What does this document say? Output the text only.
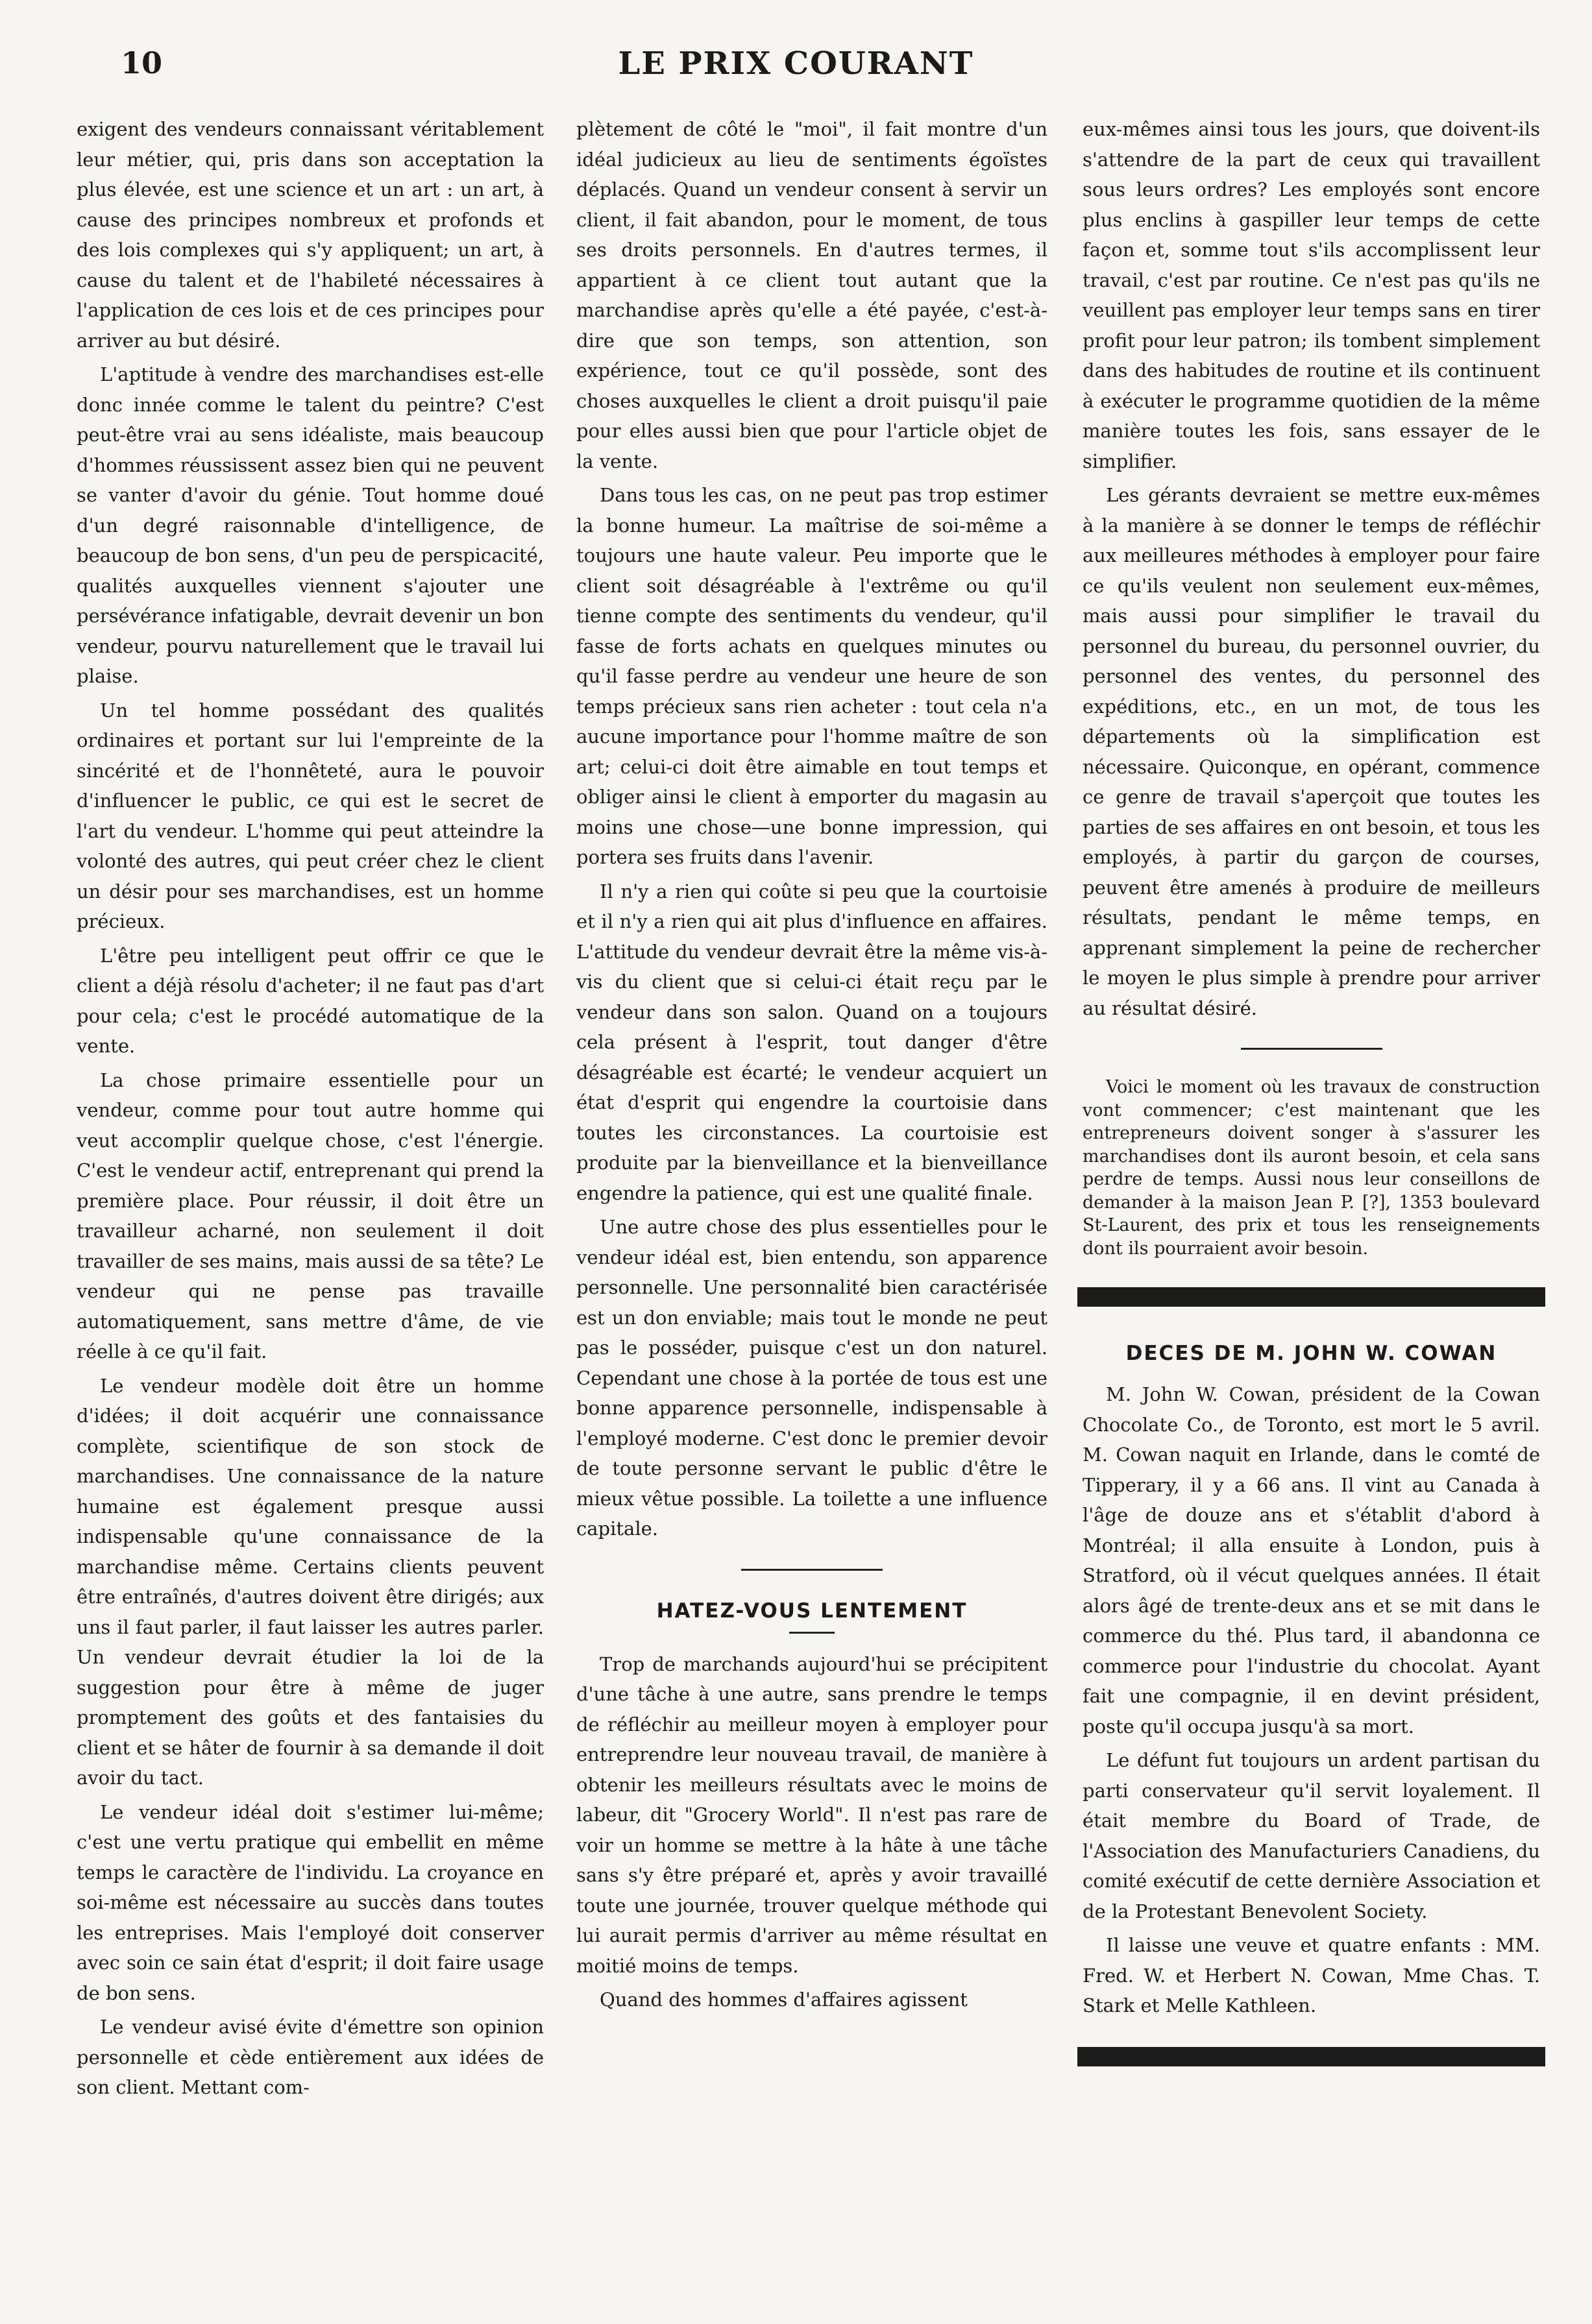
10	LE PRIX COURANT

exigent des vendeurs connaissant véritablement leur métier, qui, pris dans son acceptation la plus élevée, est une science et un art : un art, à cause des principes nombreux et profonds et des lois complexes qui s'y appliquent; un art, à cause du talent et de l'habileté nécessaires à l'application de ces lois et de ces principes pour arriver au but désiré.

L'aptitude à vendre des marchandises est-elle donc innée comme le talent du peintre? C'est peut-être vrai au sens idéaliste, mais beaucoup d'hommes réussissent assez bien qui ne peuvent se vanter d'avoir du génie. Tout homme doué d'un degré raisonnable d'intelligence, de beaucoup de bon sens, d'un peu de perspicacité, qualités auxquelles viennent s'ajouter une persévérance infatigable, devrait devenir un bon vendeur, pourvu naturellement que le travail lui plaise.

Un tel homme possédant des qualités ordinaires et portant sur lui l'empreinte de la sincérité et de l'honnêteté, aura le pouvoir d'influencer le public, ce qui est le secret de l'art du vendeur. L'homme qui peut atteindre la volonté des autres, qui peut créer chez le client un désir pour ses marchandises, est un homme précieux.

L'être peu intelligent peut offrir ce que le client a déjà résolu d'acheter; il ne faut pas d'art pour cela; c'est le procédé automatique de la vente.

La chose primaire essentielle pour un vendeur, comme pour tout autre homme qui veut accomplir quelque chose, c'est l'énergie. C'est le vendeur actif, entreprenant qui prend la première place. Pour réussir, il doit être un travailleur acharné, non seulement il doit travailler de ses mains, mais aussi de sa tête? Le vendeur qui ne pense pas travaille automatiquement, sans mettre d'âme, de vie réelle à ce qu'il fait.

Le vendeur modèle doit être un homme d'idées; il doit acquérir une connaissance complète, scientifique de son stock de marchandises. Une connaissance de la nature humaine est également presque aussi indispensable qu'une connaissance de la marchandise même. Certains clients peuvent être entraînés, d'autres doivent être dirigés; aux uns il faut parler, il faut laisser les autres parler. Un vendeur devrait étudier la loi de la suggestion pour être à même de juger promptement des goûts et des fantaisies du client et se hâter de fournir à sa demande il doit avoir du tact.

Le vendeur idéal doit s'estimer lui-même; c'est une vertu pratique qui embellit en même temps le caractère de l'individu. La croyance en soi-même est nécessaire au succès dans toutes les entreprises. Mais l'employé doit conserver avec soin ce sain état d'esprit; il doit faire usage de bon sens.

Le vendeur avisé évite d'émettre son opinion personnelle et cède entièrement aux idées de son client. Mettant com-

plètement de côté le "moi", il fait montre d'un idéal judicieux au lieu de sentiments égoïstes déplacés. Quand un vendeur consent à servir un client, il fait abandon, pour le moment, de tous ses droits personnels. En d'autres termes, il appartient à ce client tout autant que la marchandise après qu'elle a été payée, c'est-à-dire que son temps, son attention, son expérience, tout ce qu'il possède, sont des choses auxquelles le client a droit puisqu'il paie pour elles aussi bien que pour l'article objet de la vente.

Dans tous les cas, on ne peut pas trop estimer la bonne humeur. La maîtrise de soi-même a toujours une haute valeur. Peu importe que le client soit désagréable à l'extrême ou qu'il tienne compte des sentiments du vendeur, qu'il fasse de forts achats en quelques minutes ou qu'il fasse perdre au vendeur une heure de son temps précieux sans rien acheter : tout cela n'a aucune importance pour l'homme maître de son art; celui-ci doit être aimable en tout temps et obliger ainsi le client à emporter du magasin au moins une chose—une bonne impression, qui portera ses fruits dans l'avenir.

Il n'y a rien qui coûte si peu que la courtoisie et il n'y a rien qui ait plus d'influence en affaires. L'attitude du vendeur devrait être la même vis-à-vis du client que si celui-ci était reçu par le vendeur dans son salon. Quand on a toujours cela présent à l'esprit, tout danger d'être désagréable est écarté; le vendeur acquiert un état d'esprit qui engendre la courtoisie dans toutes les circonstances. La courtoisie est produite par la bienveillance et la bienveillance engendre la patience, qui est une qualité finale.

Une autre chose des plus essentielles pour le vendeur idéal est, bien entendu, son apparence personnelle. Une personnalité bien caractérisée est un don enviable; mais tout le monde ne peut pas le posséder, puisque c'est un don naturel. Cependant une chose à la portée de tous est une bonne apparence personnelle, indispensable à l'employé moderne. C'est donc le premier devoir de toute personne servant le public d'être le mieux vêtue possible. La toilette a une influence capitale.

HATEZ-VOUS LENTEMENT

Trop de marchands aujourd'hui se précipitent d'une tâche à une autre, sans prendre le temps de réfléchir au meilleur moyen à employer pour entreprendre leur nouveau travail, de manière à obtenir les meilleurs résultats avec le moins de labeur, dit "Grocery World". Il n'est pas rare de voir un homme se mettre à la hâte à une tâche sans s'y être préparé et, après y avoir travaillé toute une journée, trouver quelque méthode qui lui aurait permis d'arriver au même résultat en moitié moins de temps.

Quand des hommes d'affaires agissent

eux-mêmes ainsi tous les jours, que doivent-ils s'attendre de la part de ceux qui travaillent sous leurs ordres? Les employés sont encore plus enclins à gaspiller leur temps de cette façon et, somme tout s'ils accomplissent leur travail, c'est par routine. Ce n'est pas qu'ils ne veuillent pas employer leur temps sans en tirer profit pour leur patron; ils tombent simplement dans des habitudes de routine et ils continuent à exécuter le programme quotidien de la même manière toutes les fois, sans essayer de le simplifier.

Les gérants devraient se mettre eux-mêmes à la manière à se donner le temps de réfléchir aux meilleures méthodes à employer pour faire ce qu'ils veulent non seulement eux-mêmes, mais aussi pour simplifier le travail du personnel du bureau, du personnel ouvrier, du personnel des ventes, du personnel des expéditions, etc., en un mot, de tous les départements où la simplification est nécessaire. Quiconque, en opérant, commence ce genre de travail s'aperçoit que toutes les parties de ses affaires en ont besoin, et tous les employés, à partir du garçon de courses, peuvent être amenés à produire de meilleurs résultats, pendant le même temps, en apprenant simplement la peine de rechercher le moyen le plus simple à prendre pour arriver au résultat désiré.

Voici le moment où les travaux de construction vont commencer; c'est maintenant que les entrepreneurs doivent songer à s'assurer les marchandises dont ils auront besoin, et cela sans perdre de temps. Aussi nous leur conseillons de demander à la maison Jean P. [?], 1353 boulevard St-Laurent, des prix et tous les renseignements dont ils pourraient avoir besoin.

DECES DE M. JOHN W. COWAN

M. John W. Cowan, président de la Cowan Chocolate Co., de Toronto, est mort le 5 avril. M. Cowan naquit en Irlande, dans le comté de Tipperary, il y a 66 ans. Il vint au Canada à l'âge de douze ans et s'établit d'abord à Montréal; il alla ensuite à London, puis à Stratford, où il vécut quelques années. Il était alors âgé de trente-deux ans et se mit dans le commerce du thé. Plus tard, il abandonna ce commerce pour l'industrie du chocolat. Ayant fait une compagnie, il en devint président, poste qu'il occupa jusqu'à sa mort.

Le défunt fut toujours un ardent partisan du parti conservateur qu'il servit loyalement. Il était membre du Board of Trade, de l'Association des Manufacturiers Canadiens, du comité exécutif de cette dernière Association et de la Protestant Benevolent Society.

Il laisse une veuve et quatre enfants : MM. Fred. W. et Herbert N. Cowan, Mme Chas. T. Stark et Melle Kathleen.
